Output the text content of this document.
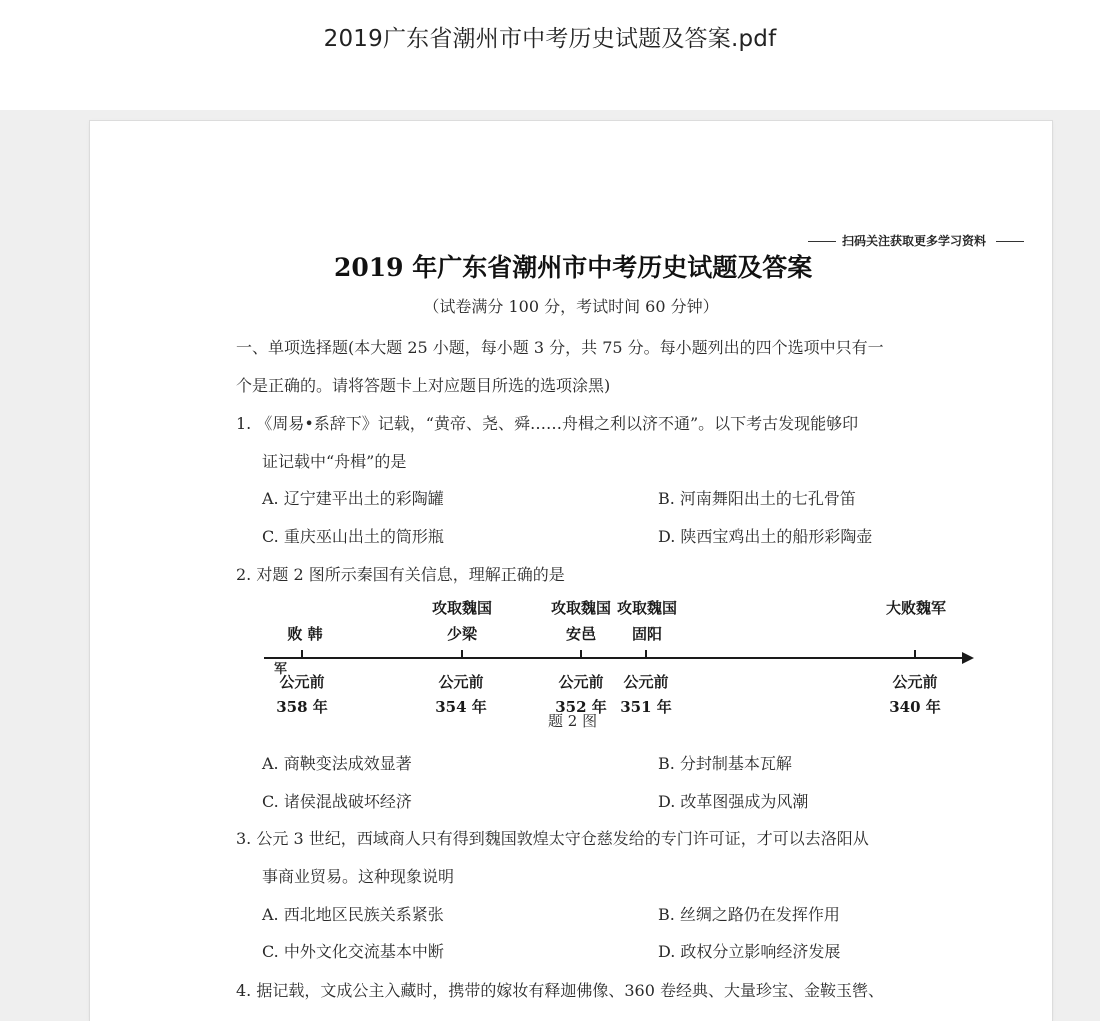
2019广东省潮州市中考历史试题及答案.pdf
扫码关注获取更多学习资料
2019 年广东省潮州市中考历史试题及答案
（试卷满分 100 分，考试时间 60 分钟）
一、单项选择题(本大题 25 小题，每小题 3 分，共 75 分。每小题列出的四个选项中只有一
个是正确的。请将答题卡上对应题目所选的选项涂黑)
1. 《周易•系辞下》记载，“黄帝、尧、舜……舟楫之利以济不通”。以下考古发现能够印
证记载中“舟楫”的是
A. 辽宁建平出土的彩陶罐	B. 河南舞阳出土的七孔骨笛
C. 重庆巫山出土的筒形瓶	D. 陕西宝鸡出土的船形彩陶壶
2. 对题 2 图所示秦国有关信息，理解正确的是
败 韩
攻取魏国少梁
攻取魏国安邑
攻取魏国固阳
大败魏军
军
公元前 358 年
公元前 354 年
公元前 352 年
公元前 351 年
公元前 340 年
题 2 图
A. 商鞅变法成效显著	B. 分封制基本瓦解
C. 诸侯混战破坏经济	D. 改革图强成为风潮
3. 公元 3 世纪，西域商人只有得到魏国敦煌太守仓慈发给的专门许可证，才可以去洛阳从
事商业贸易。这种现象说明
A. 西北地区民族关系紧张	B. 丝绸之路仍在发挥作用
C. 中外文化交流基本中断	D. 政权分立影响经济发展
4. 据记载，文成公主入藏时，携带的嫁妆有释迦佛像、360 卷经典、大量珍宝、金鞍玉辔、
